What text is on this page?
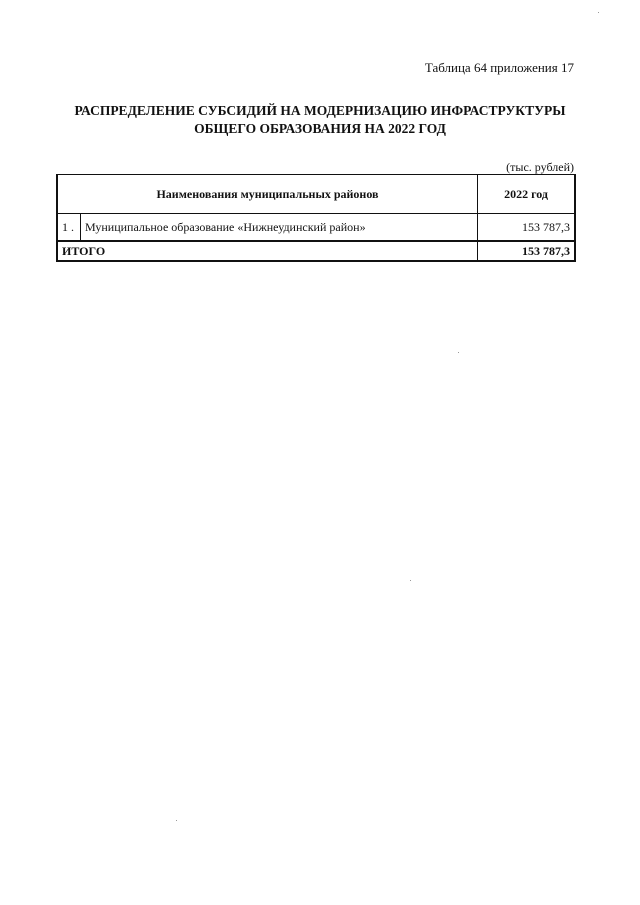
Таблица 64 приложения 17
РАСПРЕДЕЛЕНИЕ СУБСИДИЙ НА МОДЕРНИЗАЦИЮ ИНФРАСТРУКТУРЫ
ОБЩЕГО ОБРАЗОВАНИЯ НА 2022 ГОД
(тыс. рублей)
Наименования муниципальных районов		2022 год
1 .	Муниципальное образование «Нижнеудинский район»	153 787,3
ИТОГО		153 787,3
